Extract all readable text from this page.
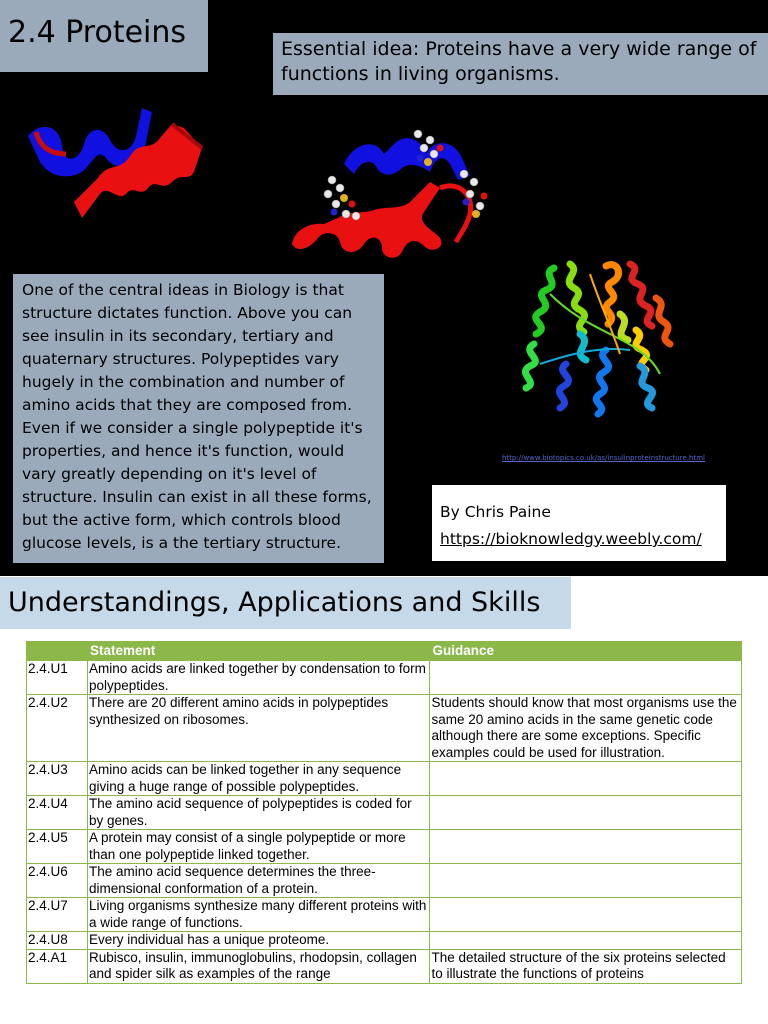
2.4 Proteins	Essential idea: Proteins have a very wide range of functions in living organisms.
http://www.biotopics.co.uk/as/insulinproteinstructure.html
One of the central ideas in Biology is that structure dictates function. Above you can see insulin in its secondary, tertiary and quaternary structures. Polypeptides vary hugely in the combination and number of amino acids that they are composed from. Even if we consider a single polypeptide it's properties, and hence it's function, would vary greatly depending on it's level of structure. Insulin can exist in all these forms, but the active form, which controls blood glucose levels, is a the tertiary structure.
By Chris Paine
https://bioknowledgy.weebly.com/
Understandings, Applications and Skills
	Statement	Guidance
2.4.U1	Amino acids are linked together by condensation to form polypeptides.	
2.4.U2	There are 20 different amino acids in polypeptides synthesized on ribosomes.	Students should know that most organisms use the same 20 amino acids in the same genetic code although there are some exceptions. Specific examples could be used for illustration.
2.4.U3	Amino acids can be linked together in any sequence giving a huge range of possible polypeptides.	
2.4.U4	The amino acid sequence of polypeptides is coded for by genes.	
2.4.U5	A protein may consist of a single polypeptide or more than one polypeptide linked together.	
2.4.U6	The amino acid sequence determines the three-dimensional conformation of a protein.	
2.4.U7	Living organisms synthesize many different proteins with a wide range of functions.	
2.4.U8	Every individual has a unique proteome.	
2.4.A1	Rubisco, insulin, immunoglobulins, rhodopsin, collagen and spider silk as examples of the range	The detailed structure of the six proteins selected to illustrate the functions of proteins
